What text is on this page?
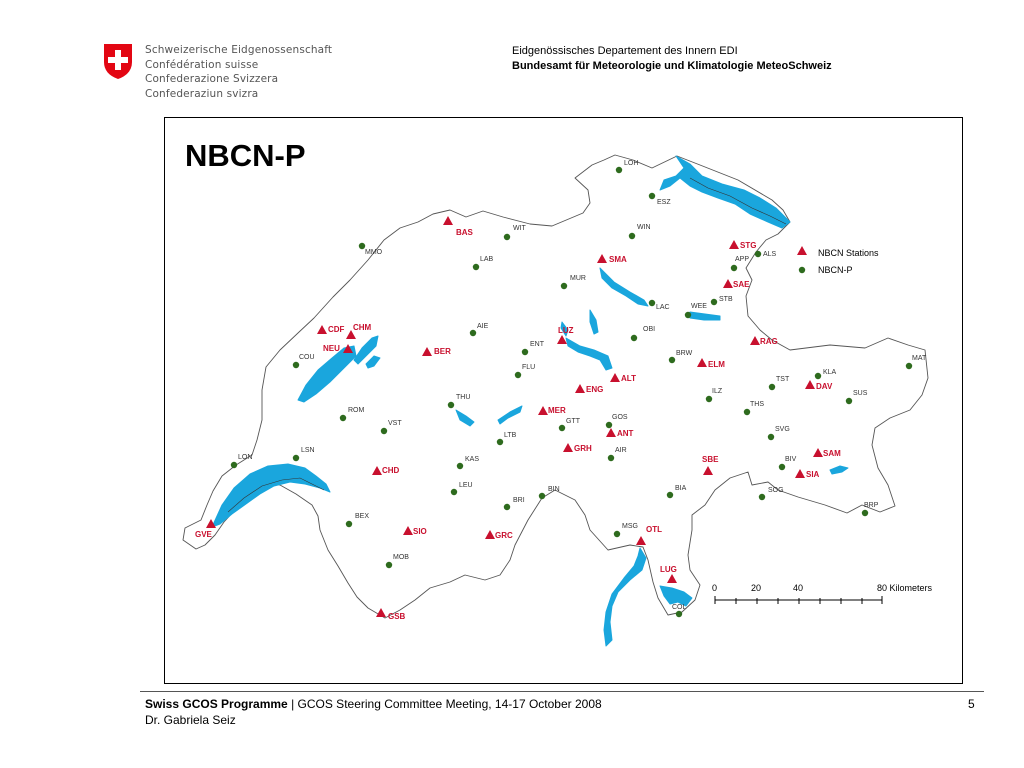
Schweizerische Eidgenossenschaft
Confédération suisse
Confederazione Svizzera
Confederaziun svizra
Eidgenössisches Departement des Innern EDI
Bundesamt für Meteorologie und Klimatologie MeteoSchweiz
NBCN-P	LOH
ESZ
WIT	WIN
MMO
LAB
ALS
APP
MUR
STB
LAC	WEE
AIE	OBI
ENT
BRW
COU
FLU
MAT
KLA
TST
SUS
ILZ
THU
THS
ROM
VST
GOS
GTT
LTB
SVG
AIR
LON
LSN
KAS	BIV
LEU	BIA
BIN	SOG
BRI
BEX
BRP
MSG
MOB
COL
BAS
STG
SMA
SAE
CDF CHM
NEU	BER
LUZ
RAG
ELM
ALT
ENG	DAV
MER
ANT
GRH
SBE
SAM
CHD	SIA
SIO	GRC
GVE
OTL
LUG
GSB
NBCN Stations
NBCN-P
0	20	40	80 Kilometers
Swiss GCOS Programme | GCOS Steering Committee Meeting, 14-17 October 2008
Dr. Gabriela Seiz
5
